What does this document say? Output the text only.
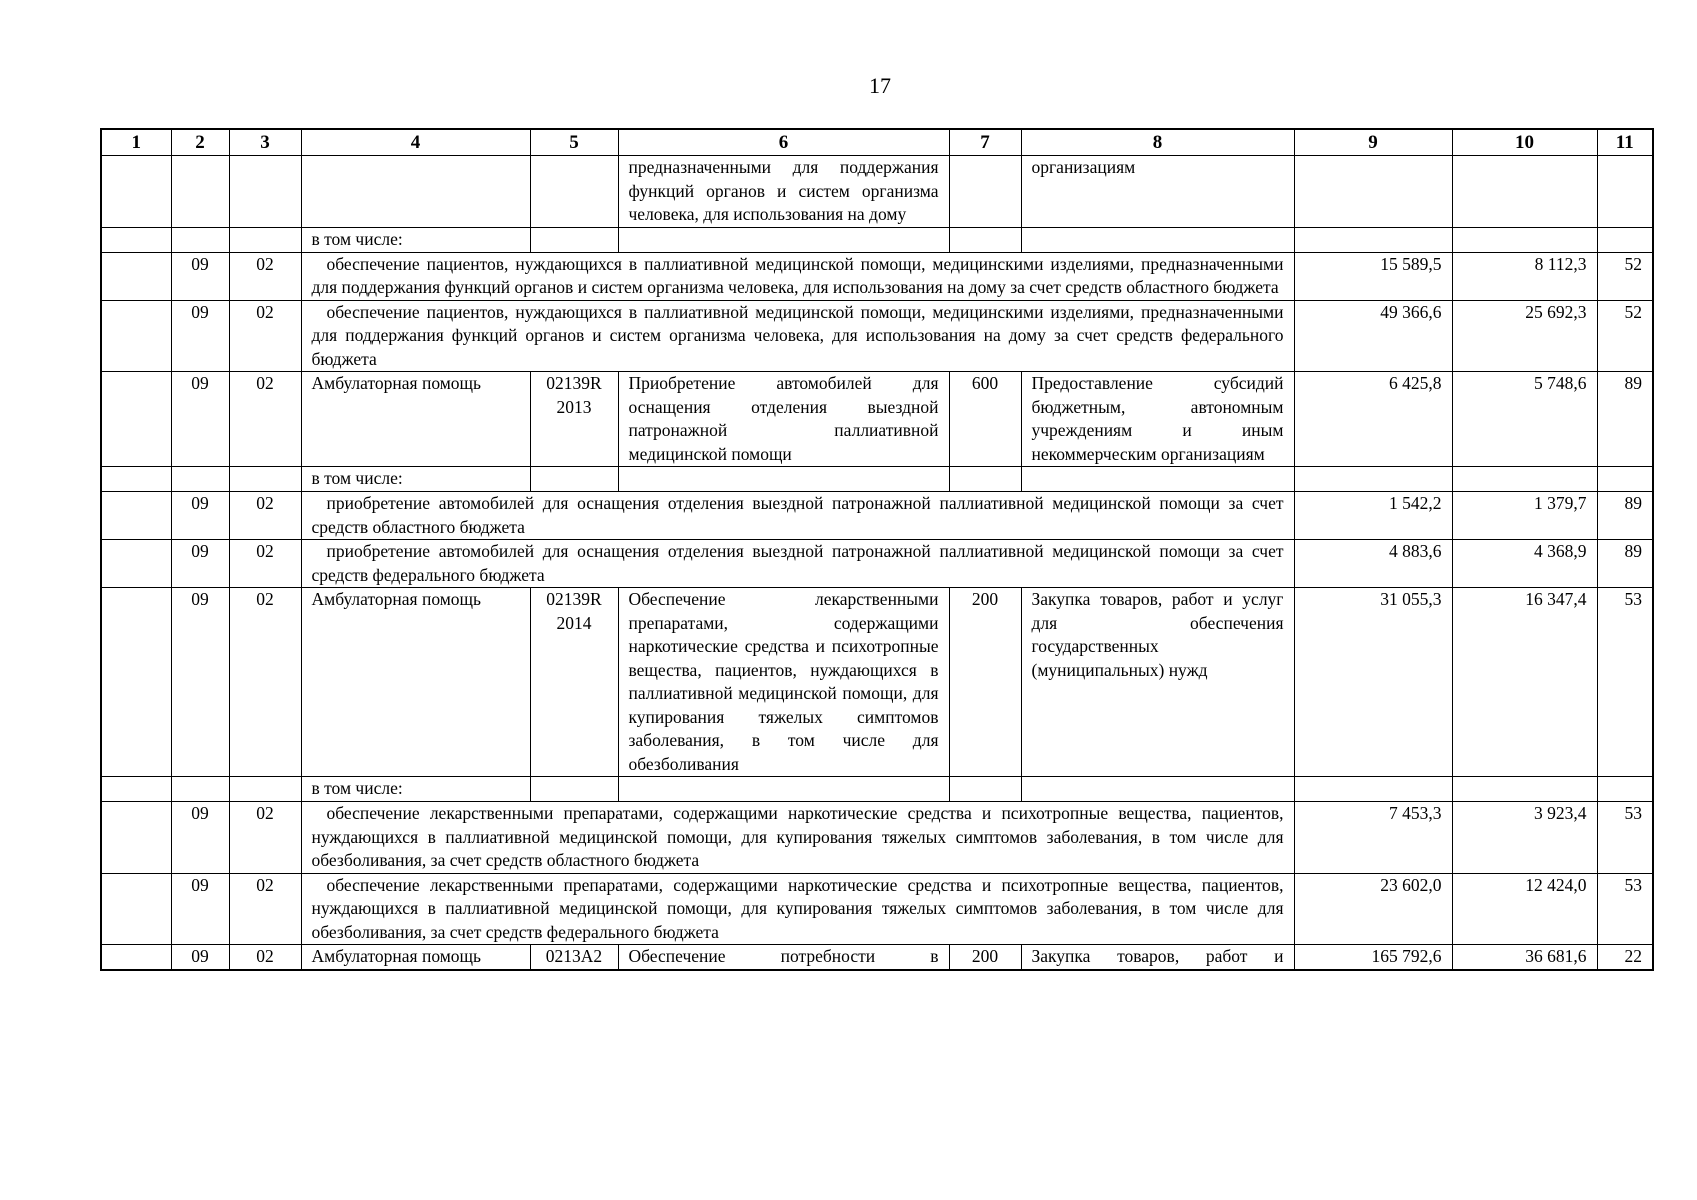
17
1	2	3	4	5	6	7	8	9	10	11
					предназначенными для поддержания функций органов и систем организма человека, для использования на дому		организациям			
			в том числе:							
	09	02	обеспечение пациентов, нуждающихся в паллиативной медицинской помощи, медицинскими изделиями, предназначенными для поддержания функций органов и систем организма человека, для использования на дому за счет средств областного бюджета					15 589,5	8 112,3	52
	09	02	обеспечение пациентов, нуждающихся в паллиативной медицинской помощи, медицинскими изделиями, предназначенными для поддержания функций органов и систем организма человека, для использования на дому за счет средств федерального бюджета					49 366,6	25 692,3	52
	09	02	Амбулаторная помощь	02139R 2013	Приобретение автомобилей для оснащения отделения выездной патронажной паллиативной медицинской помощи	600	Предоставление субсидий бюджетным, автономным учреждениям и иным некоммерческим организациям	6 425,8	5 748,6	89
			в том числе:							
	09	02	приобретение автомобилей для оснащения отделения выездной патронажной паллиативной медицинской помощи за счет средств областного бюджета					1 542,2	1 379,7	89
	09	02	приобретение автомобилей для оснащения отделения выездной патронажной паллиативной медицинской помощи за счет средств федерального бюджета					4 883,6	4 368,9	89
	09	02	Амбулаторная помощь	02139R 2014	Обеспечение лекарственными препаратами, содержащими наркотические средства и психотропные вещества, пациентов, нуждающихся в паллиативной медицинской помощи, для купирования тяжелых симптомов заболевания, в том числе для обезболивания	200	Закупка товаров, работ и услуг для обеспечения государственных (муниципальных) нужд	31 055,3	16 347,4	53
			в том числе:							
	09	02	обеспечение лекарственными препаратами, содержащими наркотические средства и психотропные вещества, пациентов, нуждающихся в паллиативной медицинской помощи, для купирования тяжелых симптомов заболевания, в том числе для обезболивания, за счет средств областного бюджета					7 453,3	3 923,4	53
	09	02	обеспечение лекарственными препаратами, содержащими наркотические средства и психотропные вещества, пациентов, нуждающихся в паллиативной медицинской помощи, для купирования тяжелых симптомов заболевания, в том числе для обезболивания, за счет средств федерального бюджета					23 602,0	12 424,0	53
	09	02	Амбулаторная помощь	0213А2	Обеспечение потребности в	200	Закупка товаров, работ и	165 792,6	36 681,6	22
